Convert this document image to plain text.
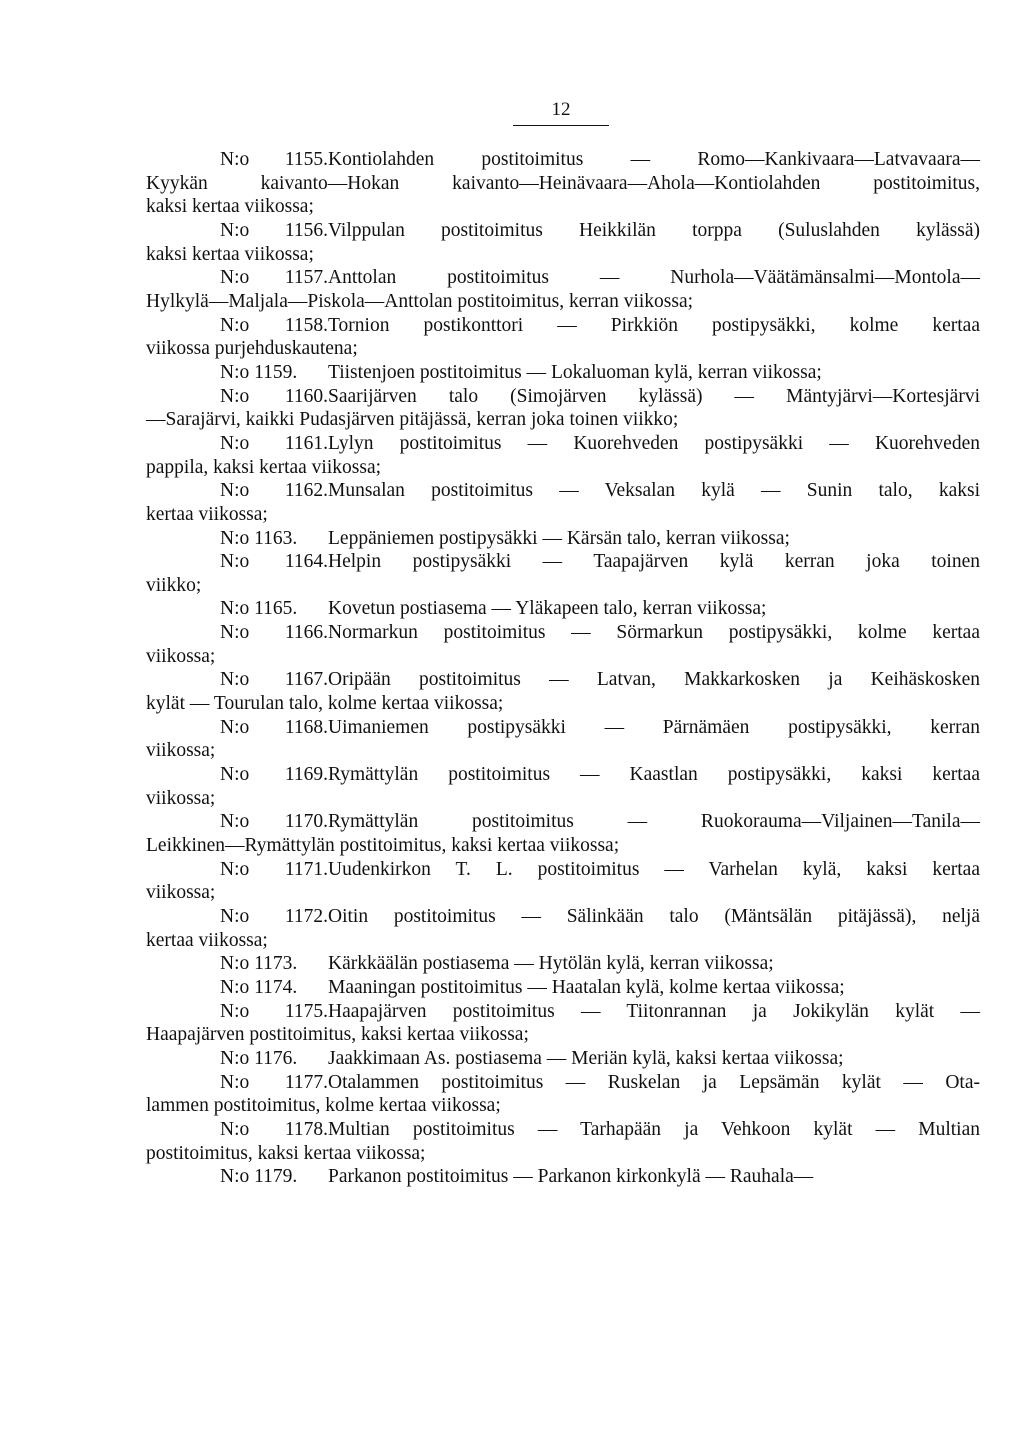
12

N:o 1155.Kontiolahden postitoimitus — Romo—Kankivaara—Latvavaara—
Kyykän kaivanto—Hokan kaivanto—Heinävaara—Ahola—Kontiolahden postitoimitus,
kaksi kertaa viikossa;

N:o 1156.Vilppulan postitoimitus Heikkilän torppa (Suluslahden kylässä)
kaksi kertaa viikossa;

N:o 1157.Anttolan postitoimitus — Nurhola—Väätämänsalmi—Montola—
Hylkylä—Maljala—Piskola—Anttolan postitoimitus, kerran viikossa;

N:o 1158.Tornion postikonttori — Pirkkiön postipysäkki, kolme kertaa
viikossa purjehduskautena;

N:o 1159. Tiistenjoen postitoimitus — Lokaluoman kylä, kerran viikossa;

N:o 1160.Saarijärven talo (Simojärven kylässä) — Mäntyjärvi—Kortesjärvi
—Sarajärvi, kaikki Pudasjärven pitäjässä, kerran joka toinen viikko;

N:o 1161.Lylyn postitoimitus — Kuorehveden postipysäkki — Kuorehveden
pappila, kaksi kertaa viikossa;

N:o 1162.Munsalan postitoimitus — Veksalan kylä — Sunin talo, kaksi
kertaa viikossa;

N:o 1163. Leppäniemen postipysäkki — Kärsän talo, kerran viikossa;

N:o 1164.Helpin postipysäkki — Taapajärven kylä kerran joka toinen
viikko;

N:o 1165. Kovetun postiasema — Yläkapeen talo, kerran viikossa;

N:o 1166.Normarkun postitoimitus — Sörmarkun postipysäkki, kolme kertaa
viikossa;

N:o 1167.Oripään postitoimitus — Latvan, Makkarkosken ja Keihäskosken
kylät — Tourulan talo, kolme kertaa viikossa;

N:o 1168.Uimaniemen postipysäkki — Pärnämäen postipysäkki, kerran
viikossa;

N:o 1169.Rymättylän postitoimitus — Kaastlan postipysäkki, kaksi kertaa
viikossa;

N:o 1170.Rymättylän postitoimitus — Ruokorauma—Viljainen—Tanila—
Leikkinen—Rymättylän postitoimitus, kaksi kertaa viikossa;

N:o 1171.Uudenkirkon T. L. postitoimitus — Varhelan kylä, kaksi kertaa
viikossa;

N:o 1172.Oitin postitoimitus — Sälinkään talo (Mäntsälän pitäjässä), neljä
kertaa viikossa;

N:o 1173. Kärkkäälän postiasema — Hytölän kylä, kerran viikossa;

N:o 1174. Maaningan postitoimitus — Haatalan kylä, kolme kertaa viikossa;

N:o 1175.Haapajärven postitoimitus — Tiitonrannan ja Jokikylän kylät —
Haapajärven postitoimitus, kaksi kertaa viikossa;

N:o 1176. Jaakkimaan As. postiasema — Meriän kylä, kaksi kertaa viikossa;

N:o 1177.Otalammen postitoimitus — Ruskelan ja Lepsämän kylät — Ota-
lammen postitoimitus, kolme kertaa viikossa;

N:o 1178.Multian postitoimitus — Tarhapään ja Vehkoon kylät — Multian
postitoimitus, kaksi kertaa viikossa;

N:o 1179. Parkanon postitoimitus — Parkanon kirkonkylä — Rauhala—
